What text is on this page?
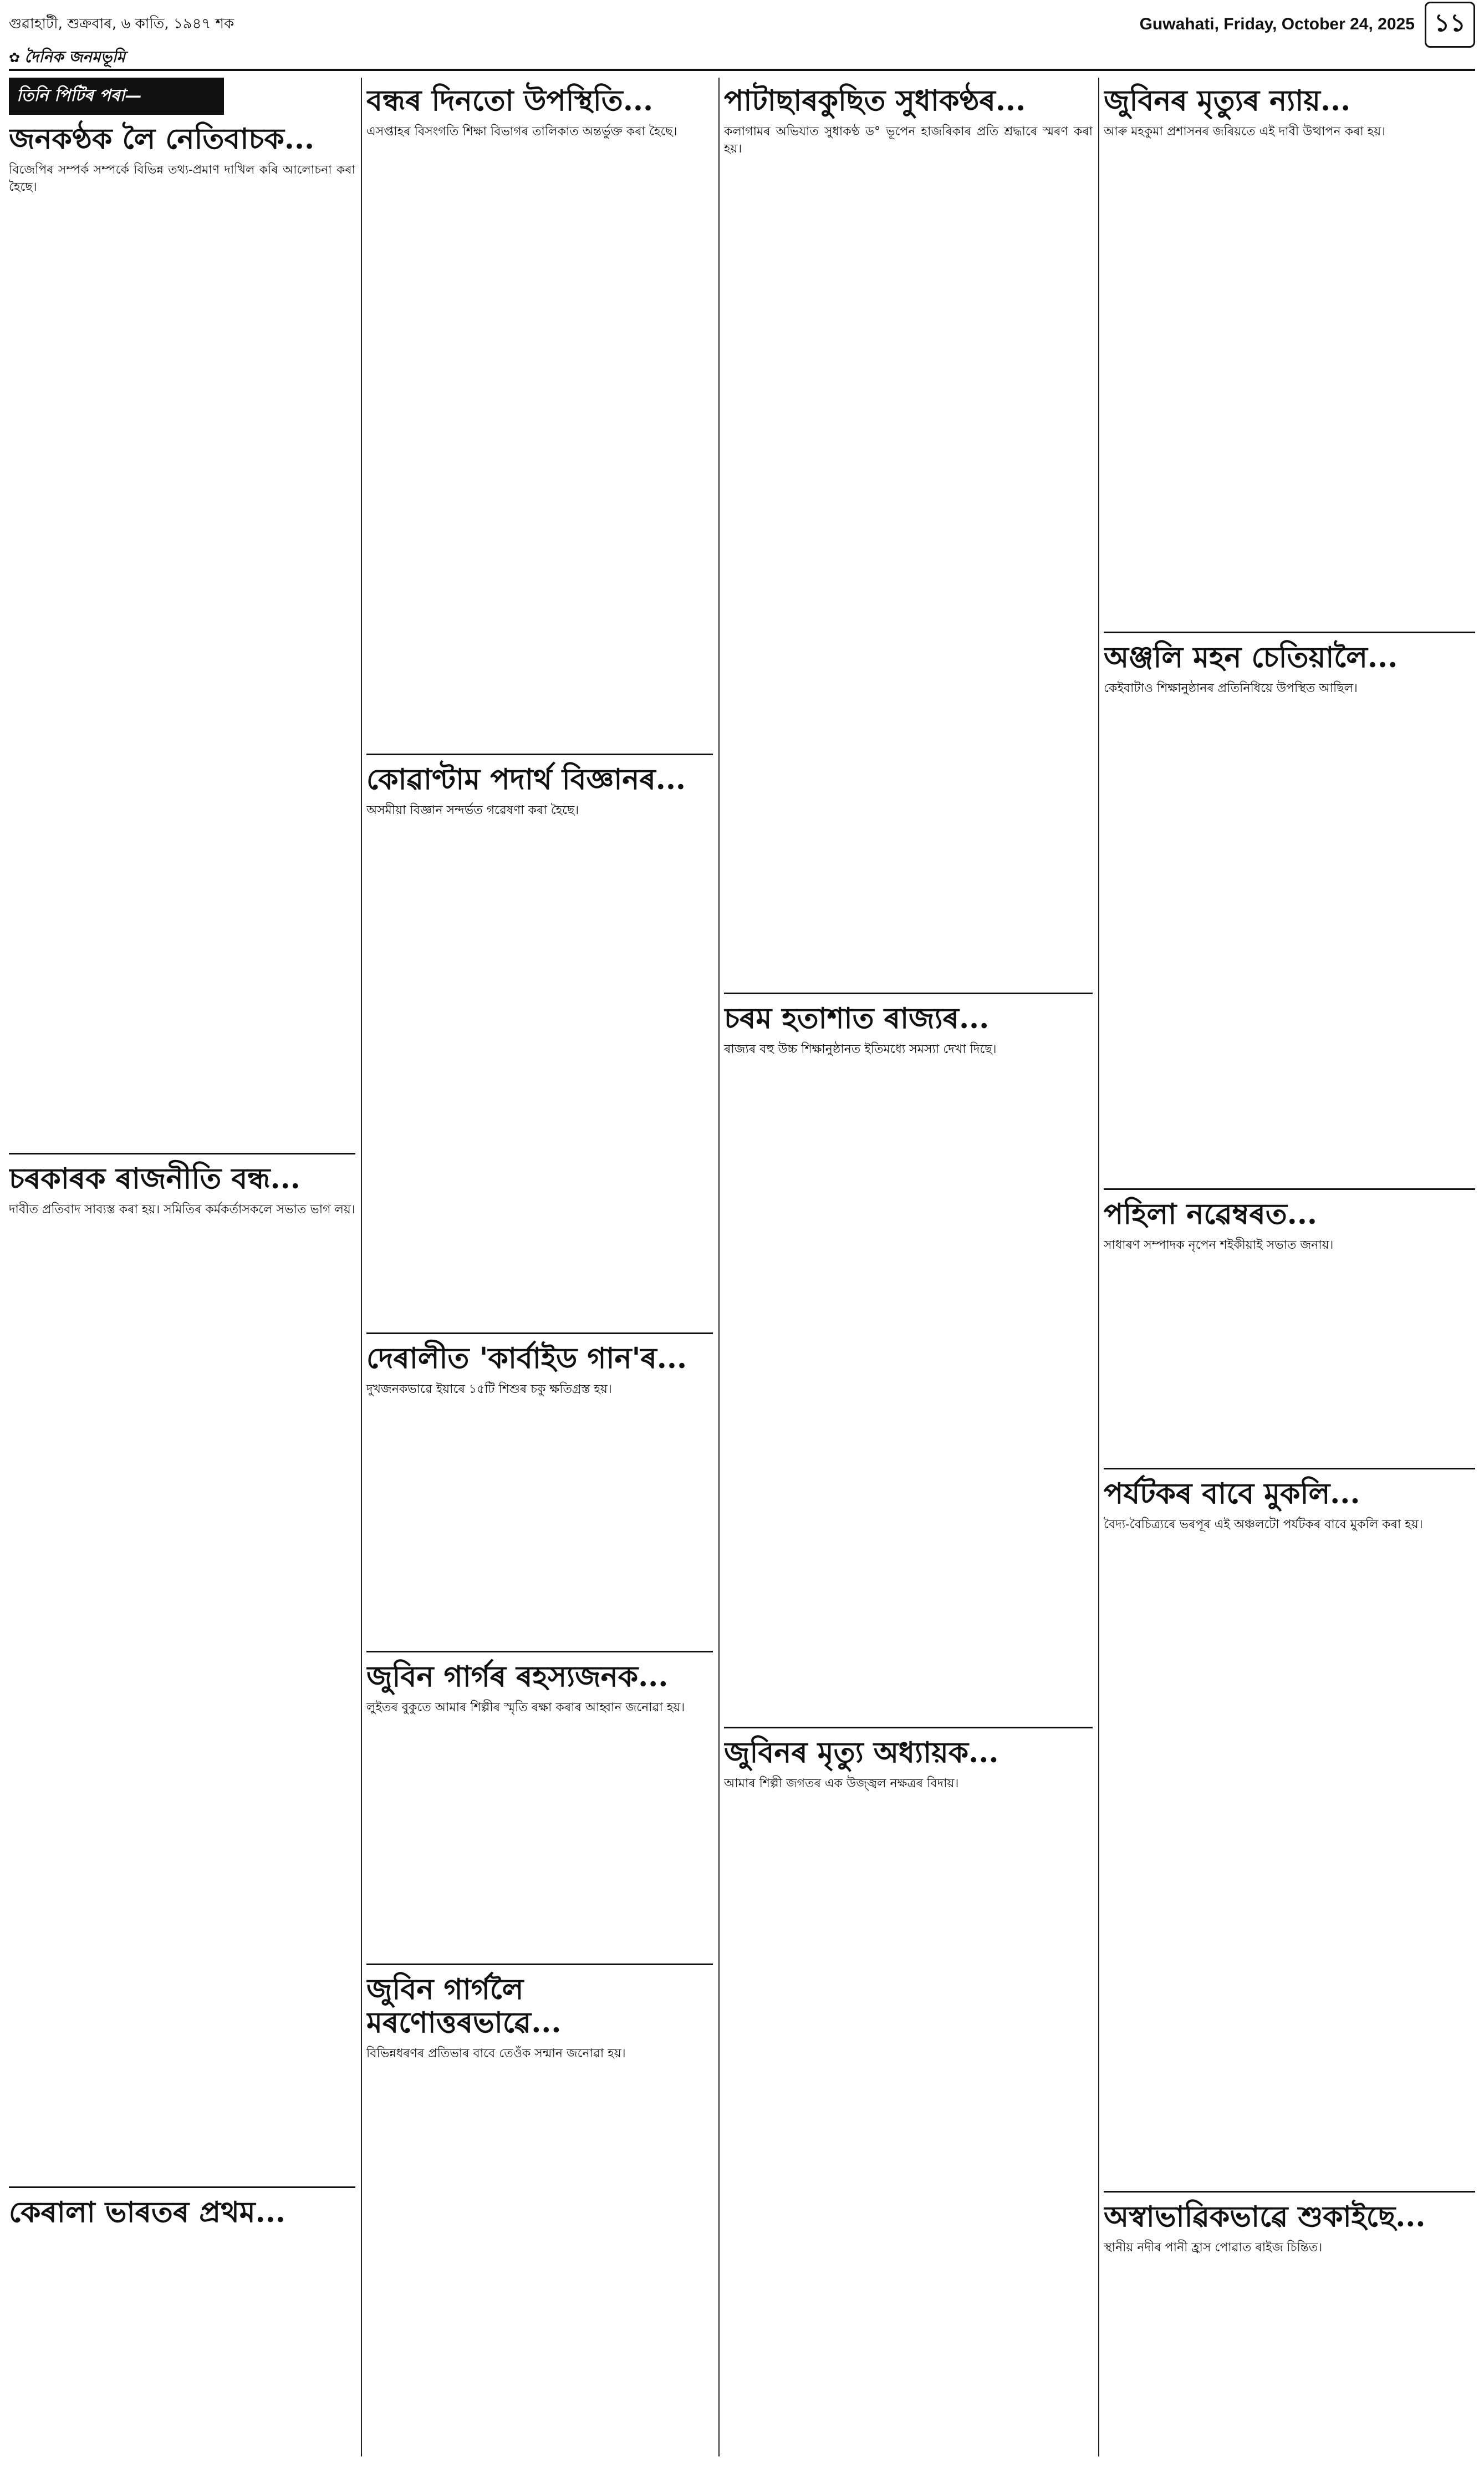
গুৱাহাটী, শুক্ৰবাৰ, ৬ কাতি, ১৯৪৭ শক	Guwahati, Friday, October 24, 2025 ১১
✿ দৈনিক জনমভূমি
তিনি পিটিৰ পৰা—
জনকণ্ঠক লৈ নেতিবাচক...

বিজেপিৰ সম্পৰ্ক সম্পৰ্কে বিভিন্ন তথ্য-প্ৰমাণ দাখিল কৰি আলোচনা কৰা হৈছে।

চৰকাৰক ৰাজনীতি বন্ধ...

দাবীত প্ৰতিবাদ সাব্যস্ত কৰা হয়। সমিতিৰ কৰ্মকৰ্তাসকলে সভাত ভাগ লয়।

কেৰালা ভাৰতৰ প্ৰথম...
বন্ধৰ দিনতো উপস্থিতি...

এসপ্তাহৰ বিসংগতি শিক্ষা বিভাগৰ তালিকাত অন্তৰ্ভুক্ত কৰা হৈছে।

কোৱাণ্টাম পদাৰ্থ বিজ্ঞানৰ...

অসমীয়া বিজ্ঞান সন্দৰ্ভত গৱেষণা কৰা হৈছে।

দেৰালীত 'কাৰ্বাইড গান'ৰ...

দুখজনকভাৱে ইয়াৰে ১৫টি শিশুৰ চকু ক্ষতিগ্ৰস্ত হয়।

জুবিন গাৰ্গৰ ৰহস্যজনক...

লুইতৰ বুকুতে আমাৰ শিল্পীৰ স্মৃতি ৰক্ষা কৰাৰ আহ্বান জনোৱা হয়।

জুবিন গাৰ্গলৈ মৰণোত্তৰভাৱে...

বিভিন্নধৰণৰ প্ৰতিভাৰ বাবে তেওঁক সন্মান জনোৱা হয়।

পাটাছাৰকুছিত সুধাকণ্ঠৰ...

কলাগামৰ অভিযাত সুধাকণ্ঠ ড° ভূপেন হাজৰিকাৰ প্ৰতি শ্ৰদ্ধাৰে স্মৰণ কৰা হয়।

চৰম হতাশাত ৰাজ্যৰ...

ৰাজ্যৰ বহু উচ্চ শিক্ষানুষ্ঠানত ইতিমধ্যে সমস্যা দেখা দিছে।

জুবিনৰ মৃত্যু অধ্যায়ক...

আমাৰ শিল্পী জগতৰ এক উজ্জ্বল নক্ষত্ৰৰ বিদায়।

জুবিনৰ মৃত্যুৰ ন্যায়...

আৰু মহকুমা প্ৰশাসনৰ জৰিয়তে এই দাবী উত্থাপন কৰা হয়।

অঞ্জলি মহন চেতিয়ালৈ...

কেইবাটাও শিক্ষানুষ্ঠানৰ প্ৰতিনিধিয়ে উপস্থিত আছিল।

পহিলা নৱেম্বৰত...

সাধাৰণ সম্পাদক নৃপেন শইকীয়াই সভাত জনায়।

পৰ্যটকৰ বাবে মুকলি...

বৈদ্য-বৈচিত্ৰ্যৰে ভৰপূৰ এই অঞ্চলটো পৰ্যটকৰ বাবে মুকলি কৰা হয়।

অস্বাভাৱিকভাৱে শুকাইছে...

স্থানীয় নদীৰ পানী হ্ৰাস পোৱাত ৰাইজ চিন্তিত।
